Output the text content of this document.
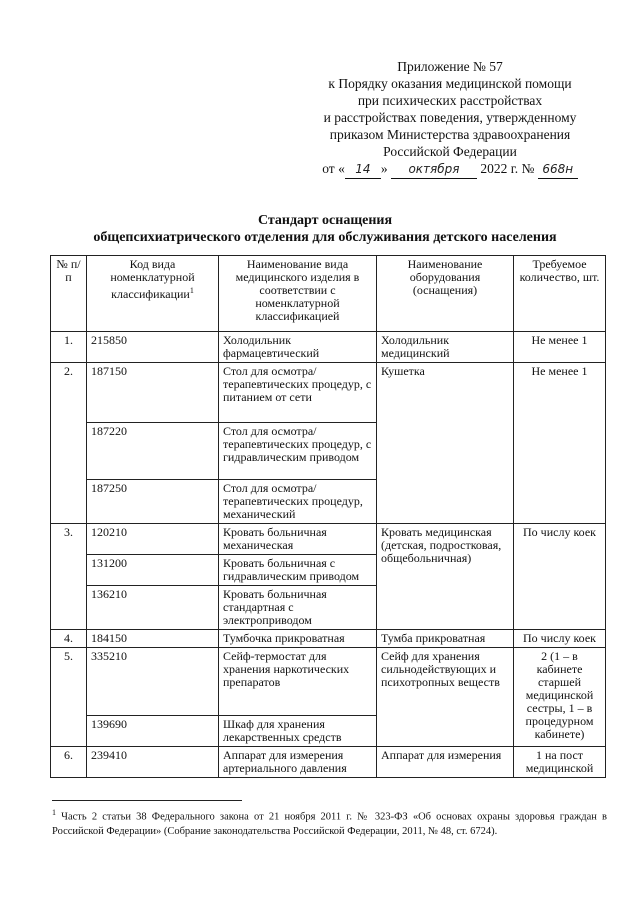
Приложение № 57
к Порядку оказания медицинской помощи
при психических расстройствах
и расстройствах поведения, утвержденному
приказом Министерства здравоохранения
Российской Федерации
от « 14 » октября 2022 г. № 668н
Стандарт оснащения
общепсихиатрического отделения для обслуживания детского населения
№ п/п	Код вида номенклатурной классификации$^1$	Наименование вида медицинского изделия в соответствии с номенклатурной классификацией	Наименование оборудования (оснащения)	Требуемое количество, шт.
1.	215850	Холодильник фармацевтический	Холодильник медицинский	Не менее 1
2.	187150	Стол для осмотра/терапевтических процедур, с питанием от сети	Кушетка	Не менее 1
	187220	Стол для осмотра/терапевтических процедур, с гидравлическим приводом		
	187250	Стол для осмотра/терапевтических процедур, механический		
3.	120210	Кровать больничная механическая	Кровать медицинская (детская, подростковая, общебольничная)	По числу коек
	131200	Кровать больничная с гидравлическим приводом		
	136210	Кровать больничная стандартная с электроприводом		
4.	184150	Тумбочка прикроватная	Тумба прикроватная	По числу коек
5.	335210	Сейф-термостат для хранения наркотических препаратов	Сейф для хранения сильнодействующих и психотропных веществ	2 (1 – в кабинете старшей медицинской сестры, 1 – в процедурном кабинете)
	139690	Шкаф для хранения лекарственных средств		
6.	239410	Аппарат для измерения артериального давления	Аппарат для измерения	1 на пост медицинской
$^1$ Часть 2 статьи 38 Федерального закона от 21 ноября 2011 г. № 323-ФЗ «Об основах охраны здоровья граждан в Российской Федерации» (Собрание законодательства Российской Федерации, 2011, № 48, ст. 6724).
